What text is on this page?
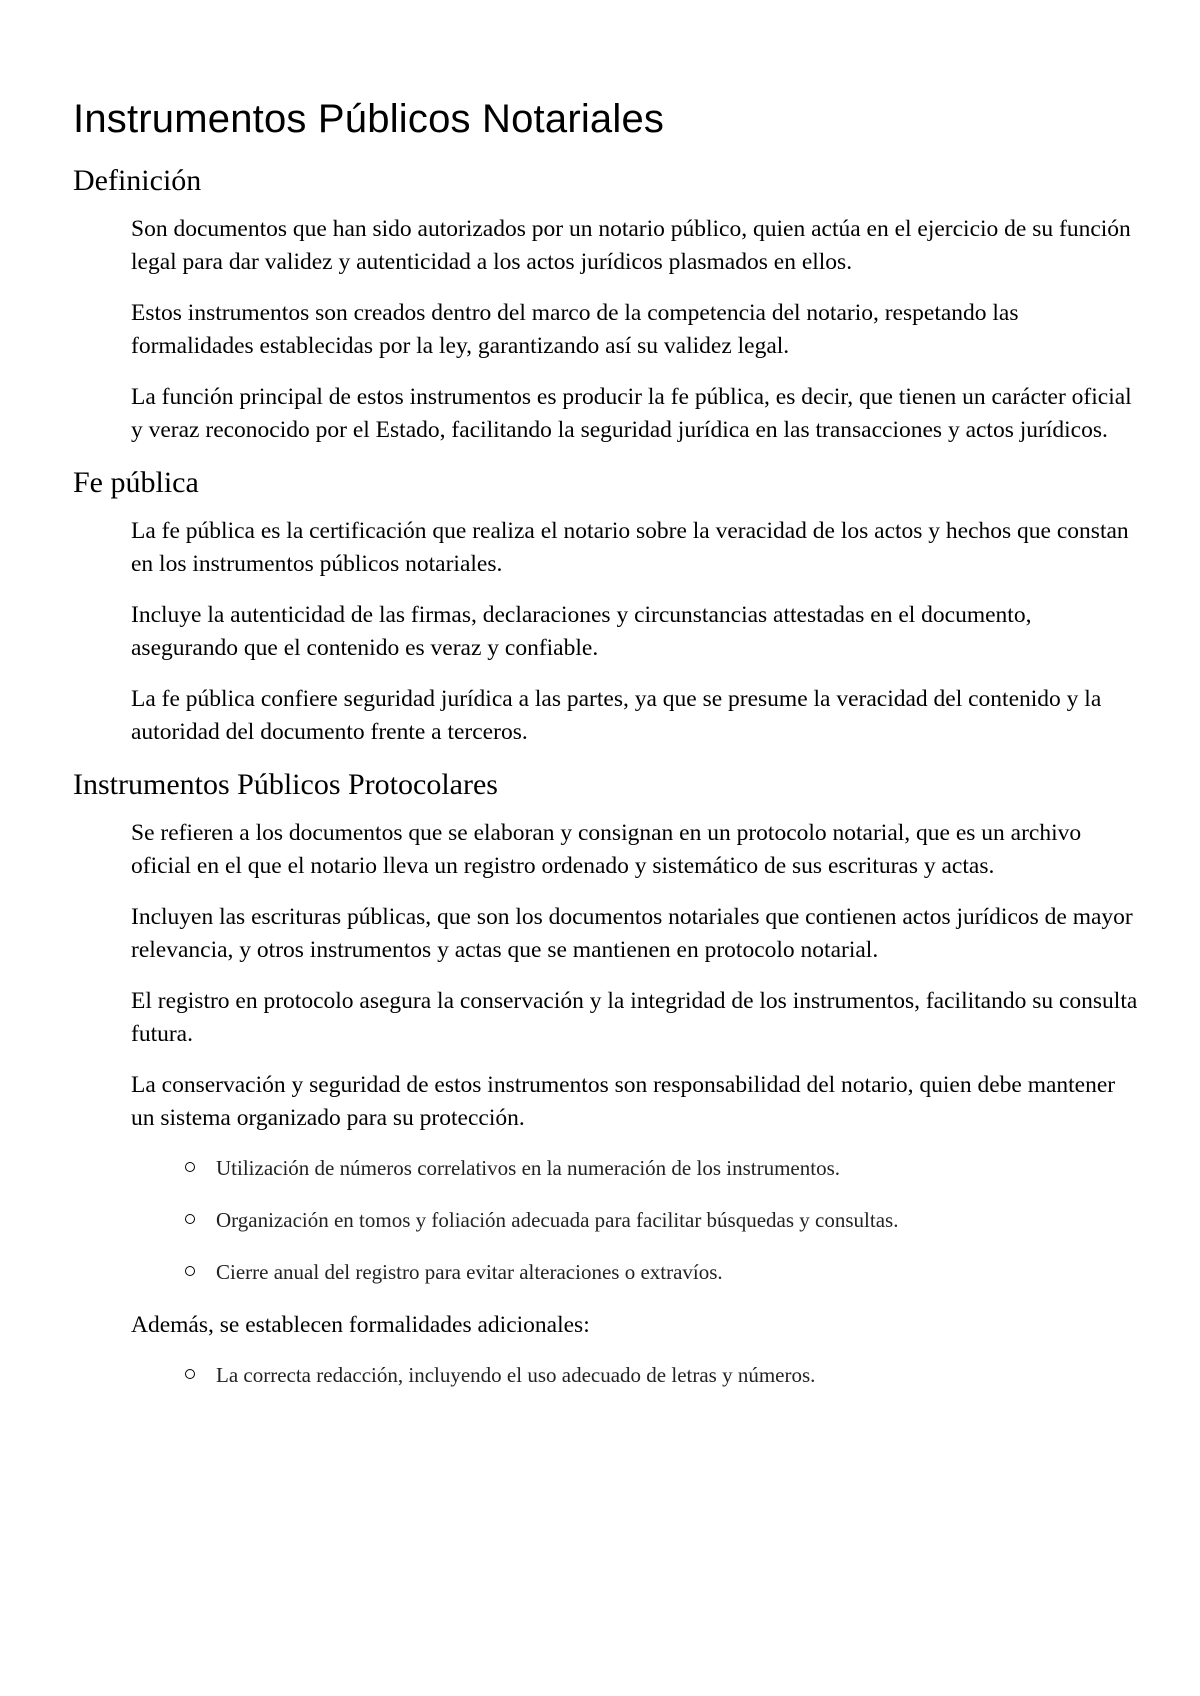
Instrumentos Públicos Notariales
Definición

Son documentos que han sido autorizados por un notario público, quien actúa en el ejercicio de su función legal para dar validez y autenticidad a los actos jurídicos plasmados en ellos.

Estos instrumentos son creados dentro del marco de la competencia del notario, respetando las formalidades establecidas por la ley, garantizando así su validez legal.

La función principal de estos instrumentos es producir la fe pública, es decir, que tienen un carácter oficial y veraz reconocido por el Estado, facilitando la seguridad jurídica en las transacciones y actos jurídicos.

Fe pública

La fe pública es la certificación que realiza el notario sobre la veracidad de los actos y hechos que constan en los instrumentos públicos notariales.

Incluye la autenticidad de las firmas, declaraciones y circunstancias attestadas en el documento, asegurando que el contenido es veraz y confiable.

La fe pública confiere seguridad jurídica a las partes, ya que se presume la veracidad del contenido y la autoridad del documento frente a terceros.

Instrumentos Públicos Protocolares

Se refieren a los documentos que se elaboran y consignan en un protocolo notarial, que es un archivo oficial en el que el notario lleva un registro ordenado y sistemático de sus escrituras y actas.

Incluyen las escrituras públicas, que son los documentos notariales que contienen actos jurídicos de mayor relevancia, y otros instrumentos y actas que se mantienen en protocolo notarial.

El registro en protocolo asegura la conservación y la integridad de los instrumentos, facilitando su consulta futura.

La conservación y seguridad de estos instrumentos son responsabilidad del notario, quien debe mantener un sistema organizado para su protección.

Utilización de números correlativos en la numeración de los instrumentos.
Organización en tomos y foliación adecuada para facilitar búsquedas y consultas.
Cierre anual del registro para evitar alteraciones o extravíos.

Además, se establecen formalidades adicionales:

La correcta redacción, incluyendo el uso adecuado de letras y números.
